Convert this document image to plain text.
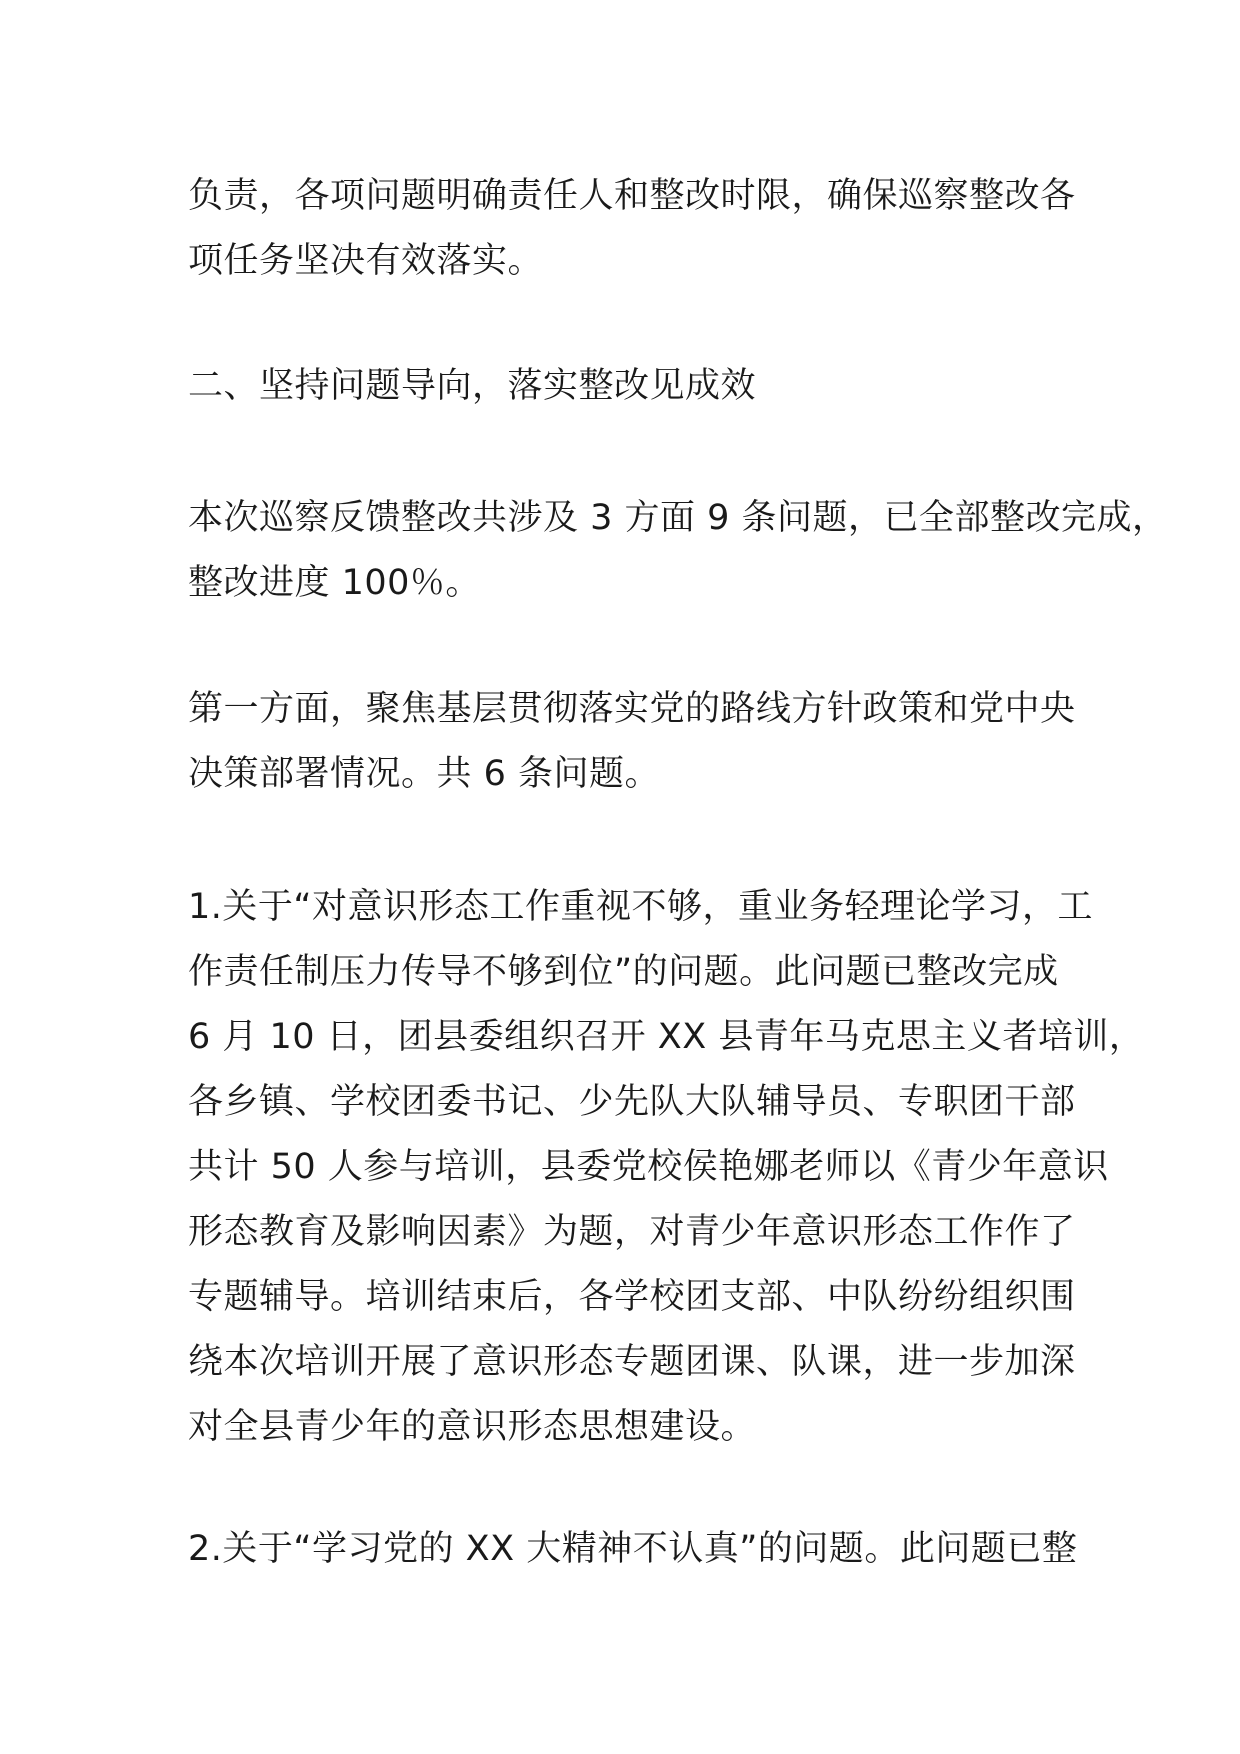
负责，各项问题明确责任人和整改时限，确保巡察整改各
项任务坚决有效落实。

二、坚持问题导向，落实整改见成效

本次巡察反馈整改共涉及 3 方面 9 条问题，已全部整改完成，
整改进度 100％。

第一方面，聚焦基层贯彻落实党的路线方针政策和党中央
决策部署情况。共 6 条问题。

1.关于“对意识形态工作重视不够，重业务轻理论学习，工
作责任制压力传导不够到位”的问题。此问题已整改完成
6 月 10 日，团县委组织召开 XX 县青年马克思主义者培训，
各乡镇、学校团委书记、少先队大队辅导员、专职团干部
共计 50 人参与培训，县委党校侯艳娜老师以《青少年意识
形态教育及影响因素》为题，对青少年意识形态工作作了
专题辅导。培训结束后，各学校团支部、中队纷纷组织围
绕本次培训开展了意识形态专题团课、队课，进一步加深
对全县青少年的意识形态思想建设。

2.关于“学习党的 XX 大精神不认真”的问题。此问题已整
